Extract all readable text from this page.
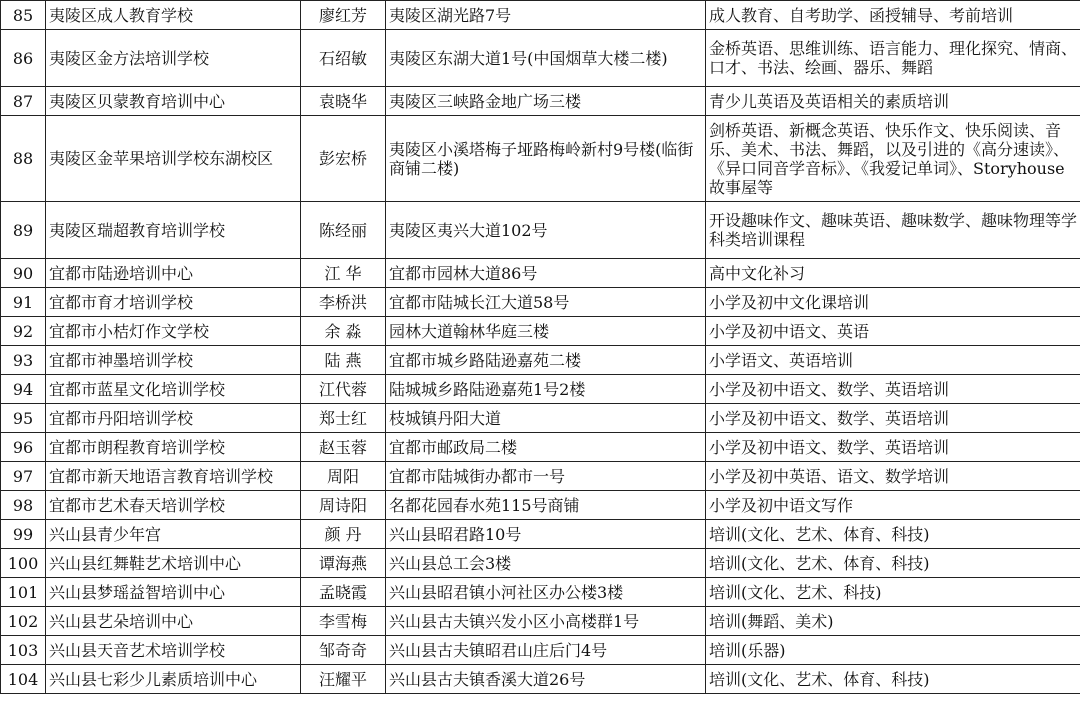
85	夷陵区成人教育学校	廖红芳	夷陵区湖光路7号	成人教育、自考助学、函授辅导、考前培训
86	夷陵区金方法培训学校	石绍敏	夷陵区东湖大道1号(中国烟草大楼二楼)	金桥英语、思维训练、语言能力、理化探究、情商、口才、书法、绘画、器乐、舞蹈
87	夷陵区贝蒙教育培训中心	袁晓华	夷陵区三峡路金地广场三楼	青少儿英语及英语相关的素质培训
88	夷陵区金苹果培训学校东湖校区	彭宏桥	夷陵区小溪塔梅子垭路梅岭新村9号楼(临街商铺二楼)	剑桥英语、新概念英语、快乐作文、快乐阅读、音乐、美术、书法、舞蹈，以及引进的《高分速读》、《异口同音学音标》、《我爱记单词》、Storyhouse故事屋等
89	夷陵区瑞超教育培训学校	陈经丽	夷陵区夷兴大道102号	开设趣味作文、趣味英语、趣味数学、趣味物理等学科类培训课程
90	宜都市陆逊培训中心	江 华	宜都市园林大道86号	高中文化补习
91	宜都市育才培训学校	李桥洪	宜都市陆城长江大道58号	小学及初中文化课培训
92	宜都市小桔灯作文学校	余 淼	园林大道翰林华庭三楼	小学及初中语文、英语
93	宜都市神墨培训学校	陆 燕	宜都市城乡路陆逊嘉苑二楼	小学语文、英语培训
94	宜都市蓝星文化培训学校	江代蓉	陆城城乡路陆逊嘉苑1号2楼	小学及初中语文、数学、英语培训
95	宜都市丹阳培训学校	郑士红	枝城镇丹阳大道	小学及初中语文、数学、英语培训
96	宜都市朗程教育培训学校	赵玉蓉	宜都市邮政局二楼	小学及初中语文、数学、英语培训
97	宜都市新天地语言教育培训学校	周阳	宜都市陆城街办都市一号	小学及初中英语、语文、数学培训
98	宜都市艺术春天培训学校	周诗阳	名都花园春水苑115号商铺	小学及初中语文写作
99	兴山县青少年宫	颜 丹	兴山县昭君路10号	培训(文化、艺术、体育、科技)
100	兴山县红舞鞋艺术培训中心	谭海燕	兴山县总工会3楼	培训(文化、艺术、体育、科技)
101	兴山县梦瑶益智培训中心	孟晓霞	兴山县昭君镇小河社区办公楼3楼	培训(文化、艺术、科技)
102	兴山县艺朵培训中心	李雪梅	兴山县古夫镇兴发小区小高楼群1号	培训(舞蹈、美术)
103	兴山县天音艺术培训学校	邹奇奇	兴山县古夫镇昭君山庄后门4号	培训(乐器)
104	兴山县七彩少儿素质培训中心	汪耀平	兴山县古夫镇香溪大道26号	培训(文化、艺术、体育、科技)
